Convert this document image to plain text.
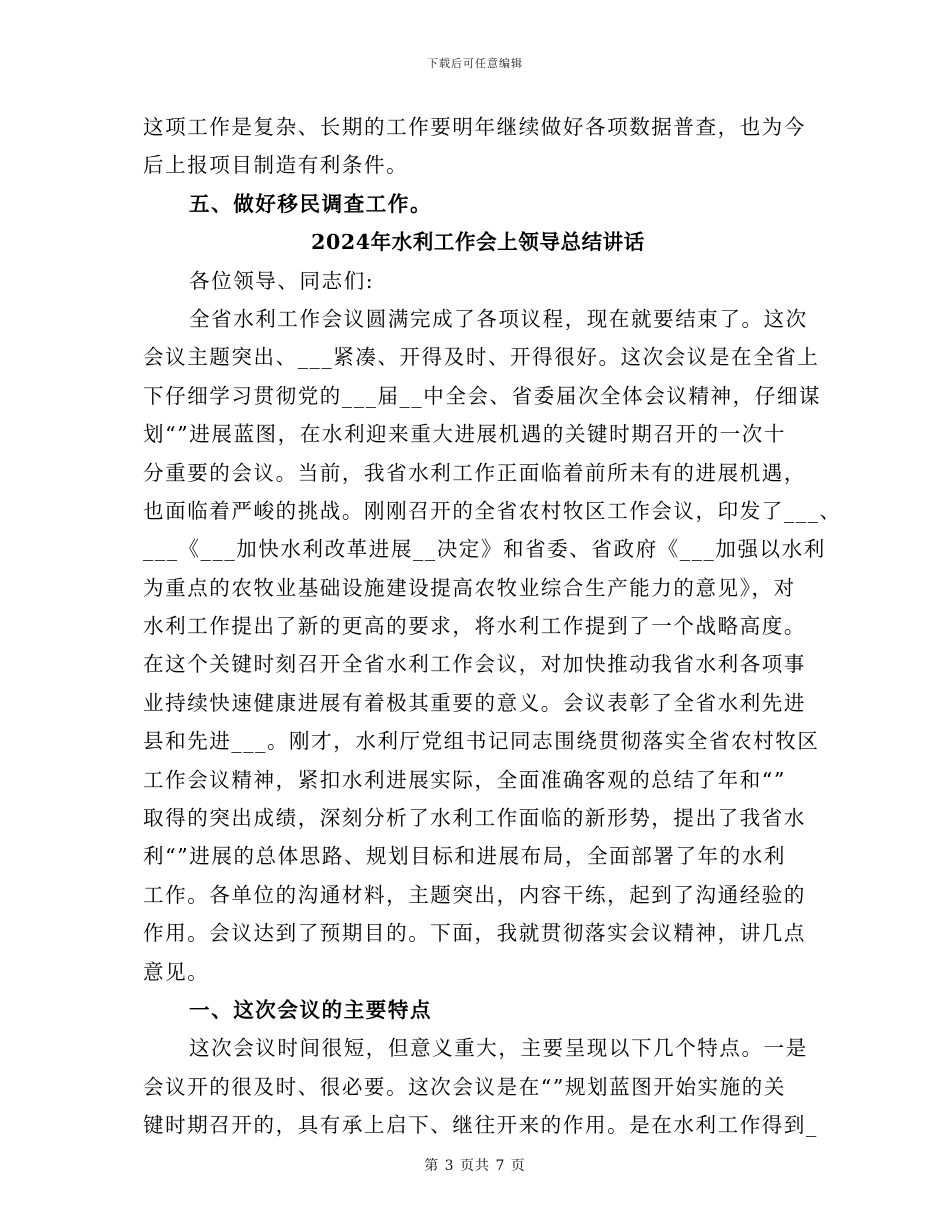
下载后可任意编辑
这项工作是复杂、长期的工作要明年继续做好各项数据普查，也为今
后上报项目制造有利条件。
五、做好移民调查工作。
2024年水利工作会上领导总结讲话
各位领导、同志们:
全省水利工作会议圆满完成了各项议程，现在就要结束了。这次
会议主题突出、___紧凑、开得及时、开得很好。这次会议是在全省上
下仔细学习贯彻党的___届__中全会、省委届次全体会议精神，仔细谋
划“”进展蓝图，在水利迎来重大进展机遇的关键时期召开的一次十
分重要的会议。当前，我省水利工作正面临着前所未有的进展机遇，
也面临着严峻的挑战。刚刚召开的全省农村牧区工作会议，印发了___、
___《___加快水利改革进展__决定》和省委、省政府《___加强以水利
为重点的农牧业基础设施建设提高农牧业综合生产能力的意见》，对
水利工作提出了新的更高的要求，将水利工作提到了一个战略高度。
在这个关键时刻召开全省水利工作会议，对加快推动我省水利各项事
业持续快速健康进展有着极其重要的意义。会议表彰了全省水利先进
县和先进___。刚才，水利厅党组书记同志围绕贯彻落实全省农村牧区
工作会议精神，紧扣水利进展实际，全面准确客观的总结了年和“”
取得的突出成绩，深刻分析了水利工作面临的新形势，提出了我省水
利“”进展的总体思路、规划目标和进展布局，全面部署了年的水利
工作。各单位的沟通材料，主题突出，内容干练，起到了沟通经验的
作用。会议达到了预期目的。下面，我就贯彻落实会议精神，讲几点
意见。
一、这次会议的主要特点
这次会议时间很短，但意义重大，主要呈现以下几个特点。一是
会议开的很及时、很必要。这次会议是在“”规划蓝图开始实施的关
键时期召开的，具有承上启下、继往开来的作用。是在水利工作得到_
第 3 页共 7 页
